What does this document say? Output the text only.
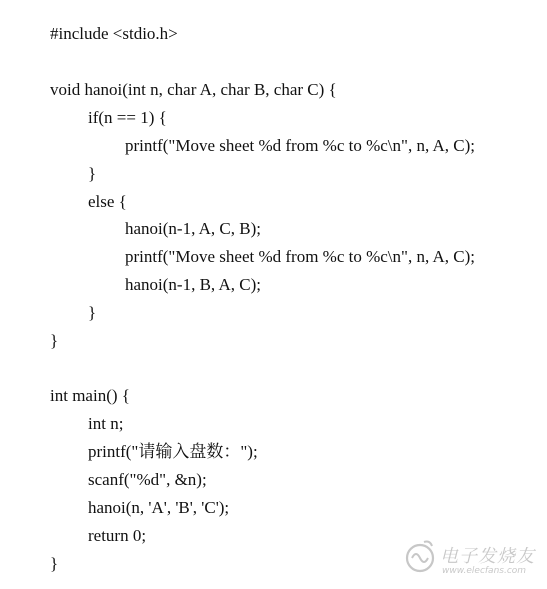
#include <stdio.h>
void hanoi(int n, char A, char B, char C) {
if(n == 1) {
printf("Move sheet %d from %c to %c\n", n, A, C);
}
else {
hanoi(n-1, A, C, B);
printf("Move sheet %d from %c to %c\n", n, A, C);
hanoi(n-1, B, A, C);
}
}
int main() {
int n;
printf("请输入盘数：");
scanf("%d", &n);
hanoi(n, 'A', 'B', 'C');
return 0;
}	电子发烧友
www.elecfans.com
